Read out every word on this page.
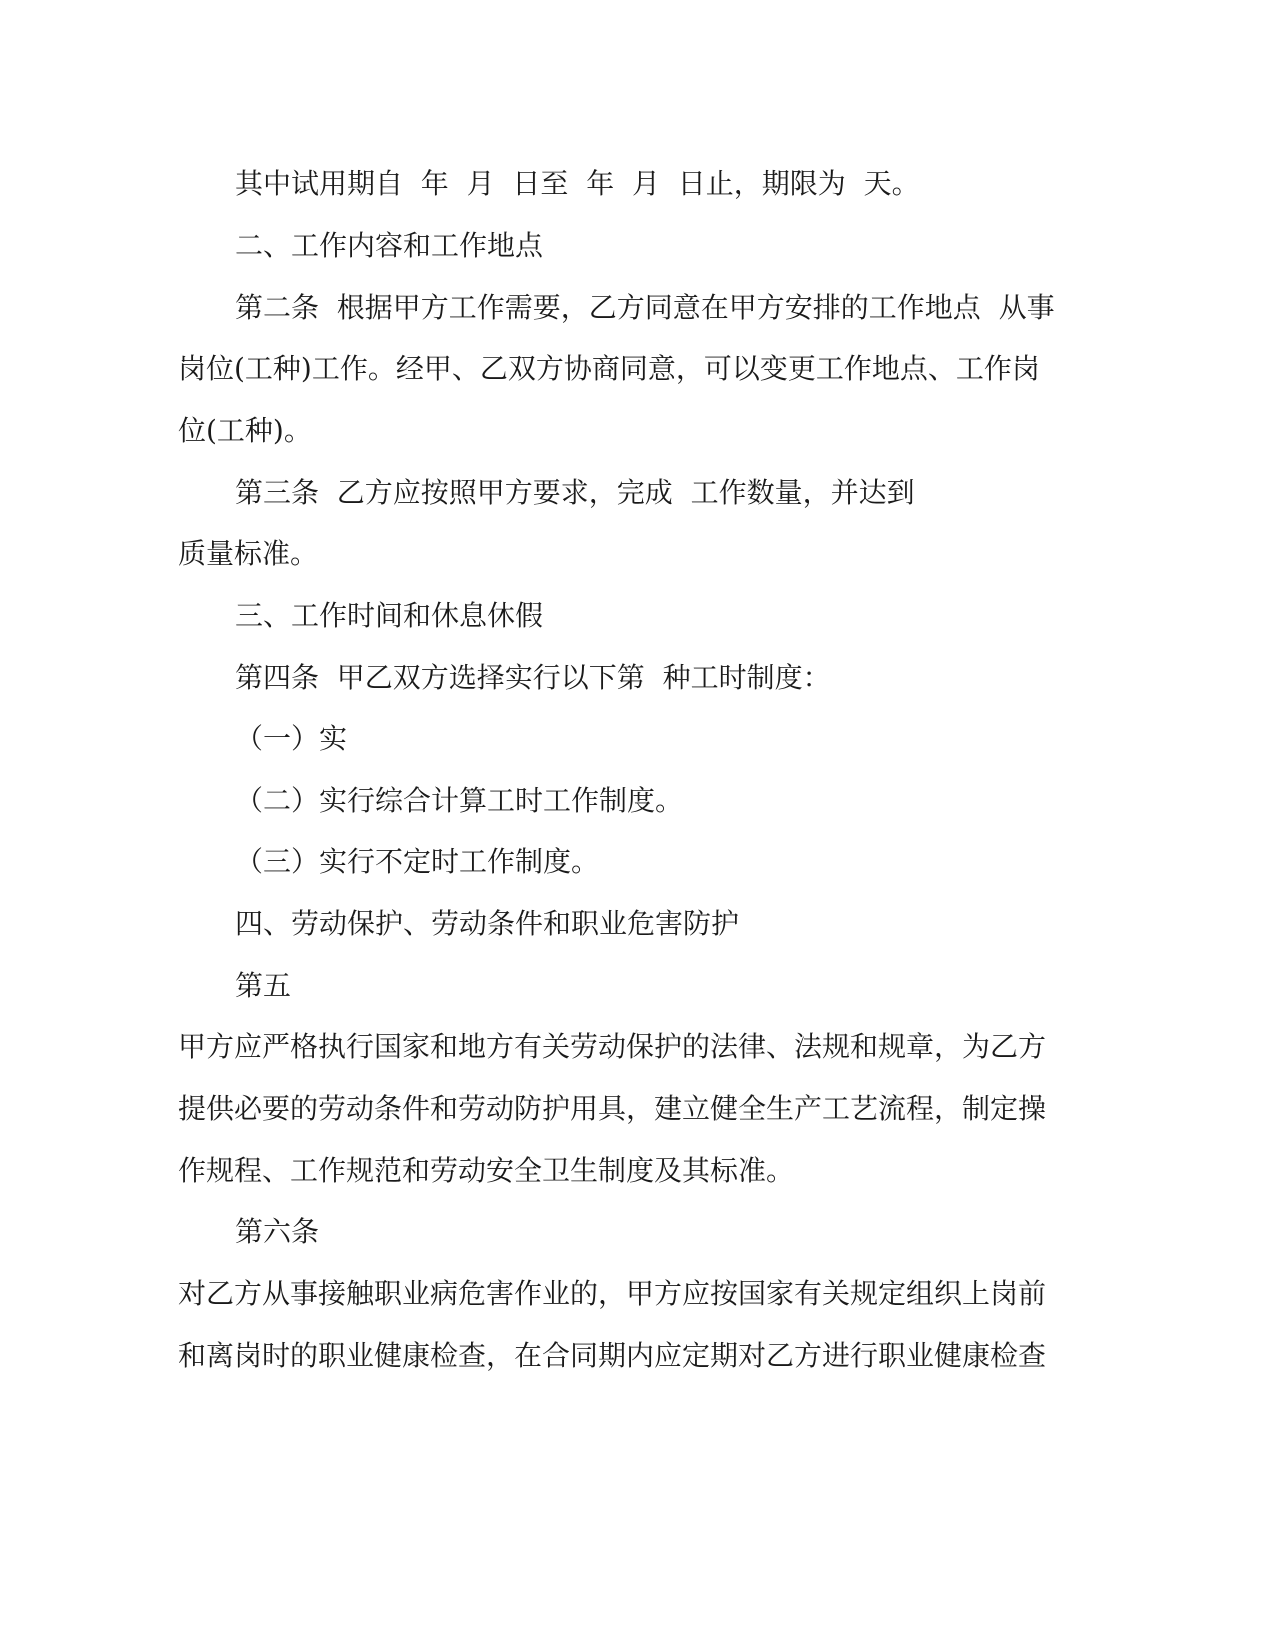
其中试用期自  年  月  日至  年  月  日止，期限为  天。

二、工作内容和工作地点

第二条  根据甲方工作需要，乙方同意在甲方安排的工作地点  从事

岗位(工种)工作。经甲、乙双方协商同意，可以变更工作地点、工作岗

位(工种)。

第三条  乙方应按照甲方要求，完成  工作数量，并达到

质量标准。

三、工作时间和休息休假

第四条  甲乙双方选择实行以下第  种工时制度：

（一）实

（二）实行综合计算工时工作制度。

（三）实行不定时工作制度。

四、劳动保护、劳动条件和职业危害防护

第五

甲方应严格执行国家和地方有关劳动保护的法律、法规和规章，为乙方

提供必要的劳动条件和劳动防护用具，建立健全生产工艺流程，制定操

作规程、工作规范和劳动安全卫生制度及其标准。

第六条

对乙方从事接触职业病危害作业的，甲方应按国家有关规定组织上岗前

和离岗时的职业健康检查，在合同期内应定期对乙方进行职业健康检查
